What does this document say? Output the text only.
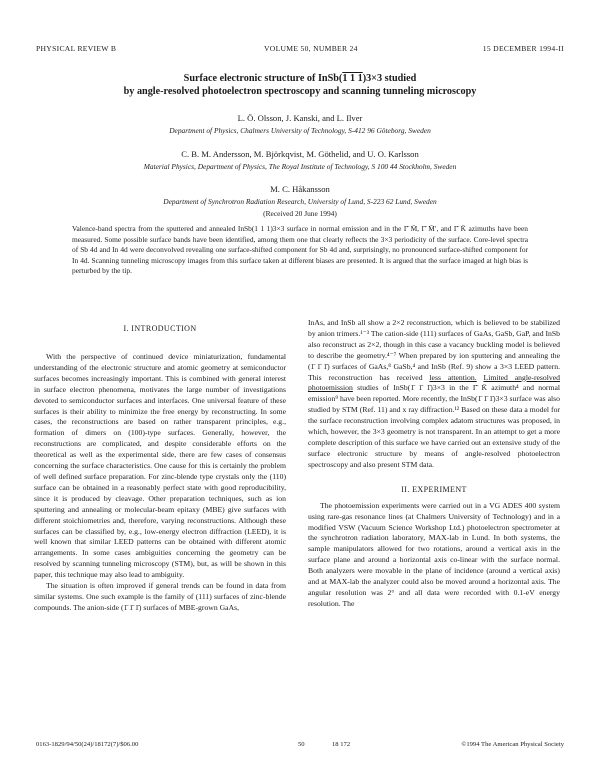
PHYSICAL REVIEW B	VOLUME 50, NUMBER 24	15 DECEMBER 1994-II
Surface electronic structure of InSb(1 1 1)3×3 studied
by angle-resolved photoelectron spectroscopy and scanning tunneling microscopy
L. Ö. Olsson, J. Kanski, and L. Ilver
Department of Physics, Chalmers University of Technology, S-412 96 Göteborg, Sweden
C. B. M. Andersson, M. Björkqvist, M. Göthelid, and U. O. Karlsson
Material Physics, Department of Physics, The Royal Institute of Technology, S 100 44 Stockholm, Sweden
M. C. Håkansson
Department of Synchrotron Radiation Research, University of Lund, S-223 62 Lund, Sweden
(Received 20 June 1994)
Valence-band spectra from the sputtered and annealed InSb(1 1 1)3×3 surface in normal emission and in the Γ̄ M̄, Γ̄ M̄′, and Γ̄ K̄ azimuths have been measured. Some possible surface bands have been identified, among them one that clearly reflects the 3×3 periodicity of the surface. Core-level spectra of Sb 4d and In 4d were deconvolved revealing one surface-shifted component for Sb 4d and, surprisingly, no pronounced surface-shifted component for In 4d. Scanning tunneling microscopy images from this surface taken at different biases are presented. It is argued that the surface imaged at high bias is perturbed by the tip.
I. INTRODUCTION

With the perspective of continued device miniaturization, fundamental understanding of the electronic structure and atomic geometry at semiconductor surfaces becomes increasingly important. This is combined with general interest in surface electron phenomena, motivates the large number of investigations devoted to semiconductor surfaces and interfaces. One universal feature of these surfaces is their ability to minimize the free energy by reconstructing. In some cases, the reconstructions are based on rather transparent principles, e.g., formation of dimers on (100)-type surfaces. Generally, however, the reconstructions are complicated, and despite considerable efforts on the theoretical as well as the experimental side, there are few cases of consensus concerning the surface characteristics. One cause for this is certainly the problem of well defined surface preparation. For zinc-blende type crystals only the (110) surface can be obtained in a reasonably perfect state with good reproducibility, since it is produced by cleavage. Other preparation techniques, such as ion sputtering and annealing or molecular-beam epitaxy (MBE) give surfaces with different stoichiometries and, therefore, varying reconstructions. Although these surfaces can be classified by, e.g., low-energy electron diffraction (LEED), it is well known that similar LEED patterns can be obtained with different atomic arrangements. In some cases ambiguities concerning the geometry can be resolved by scanning tunneling microscopy (STM), but, as will be shown in this paper, this technique may also lead to ambiguity.

The situation is often improved if general trends can be found in data from similar systems. One such example is the family of (111) surfaces of zinc-blende compounds. The anion-side (1̄ 1̄ 1̄) surfaces of MBE-grown GaAs,

InAs, and InSb all show a 2×2 reconstruction, which is believed to be stabilized by anion trimers.¹⁻³ The cation-side (111) surfaces of GaAs, GaSb, GaP, and InSb also reconstruct as 2×2, though in this case a vacancy buckling model is believed to describe the geometry.⁴⁻⁷ When prepared by ion sputtering and annealing the (1̄ 1̄ 1̄) surfaces of GaAs,⁸ GaSb,⁴ and InSb (Ref. 9) show a 3×3 LEED pattern. This reconstruction has received less attention. Limited angle-resolved photoemission studies of InSb(1̄ 1̄ 1̄)3×3 in the Γ̄ K̄ azimuth⁴ and normal emission⁹ have been reported. More recently, the InSb(1̄ 1̄ 1̄)3×3 surface was also studied by STM (Ref. 11) and x ray diffraction.¹² Based on these data a model for the surface reconstruction involving complex adatom structures was proposed, in which, however, the 3×3 geometry is not transparent. In an attempt to get a more complete description of this surface we have carried out an extensive study of the surface electronic structure by means of angle-resolved photoelectron spectroscopy and also present STM data.

II. EXPERIMENT

The photoemission experiments were carried out in a VG ADES 400 system using rare-gas resonance lines (at Chalmers University of Technology) and in a modified VSW (Vacuum Science Workshop Ltd.) photoelectron spectrometer at the synchrotron radiation laboratory, MAX-lab in Lund. In both systems, the sample manipulators allowed for two rotations, around a vertical axis in the surface plane and around a horizontal axis co-linear with the surface normal. Both analyzers were movable in the plane of incidence (around a vertical axis) and at MAX-lab the analyzer could also be moved around a horizontal axis. The angular resolution was 2° and all data were recorded with 0.1-eV energy resolution. The

0163-1829/94/50(24)/18172(7)/$06.00	50	18 172	©1994 The American Physical Society
